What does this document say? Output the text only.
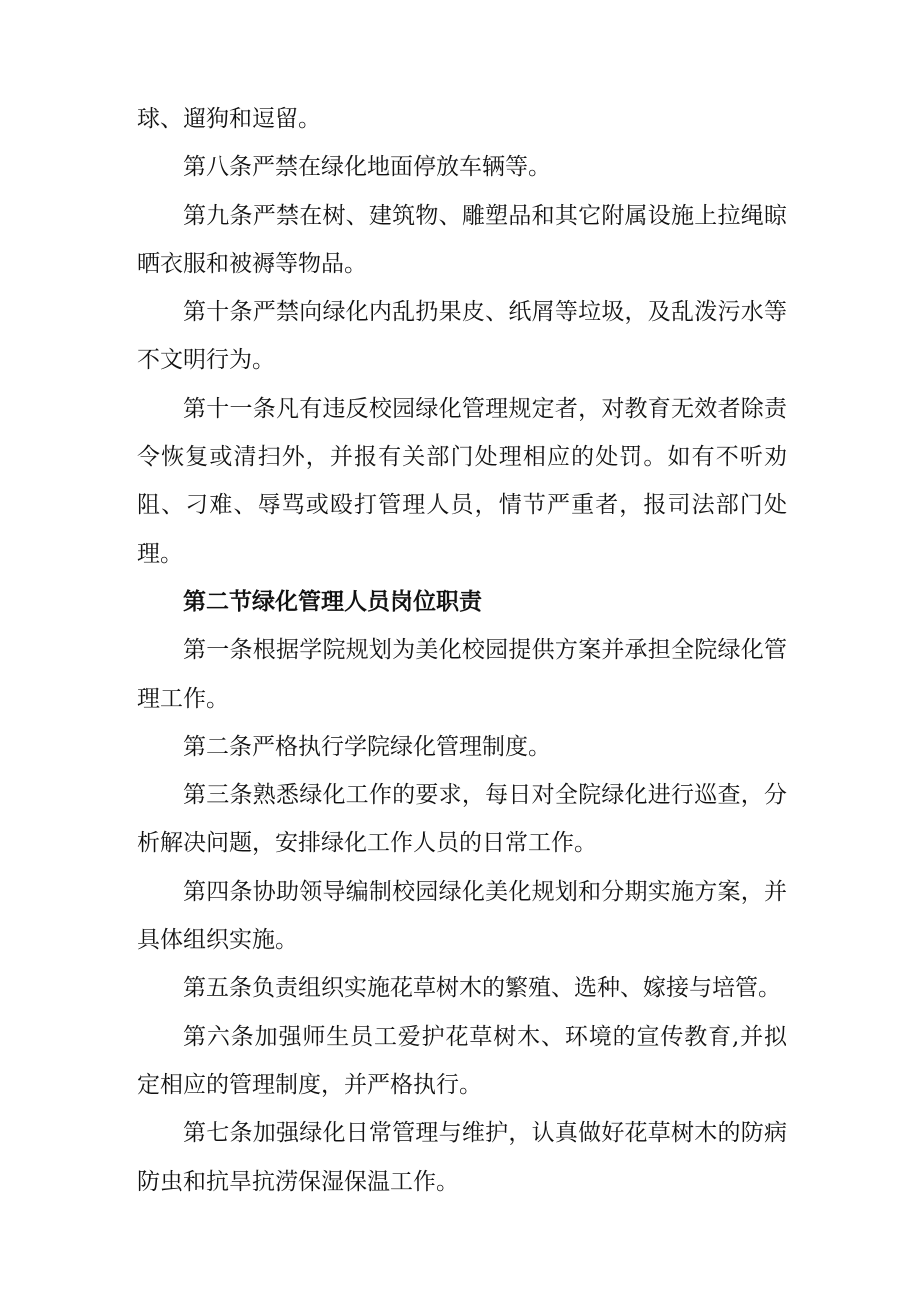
球、遛狗和逗留。

第八条严禁在绿化地面停放车辆等。

第九条严禁在树、建筑物、雕塑品和其它附属设施上拉绳晾晒衣服和被褥等物品。

第十条严禁向绿化内乱扔果皮、纸屑等垃圾，及乱泼污水等不文明行为。

第十一条凡有违反校园绿化管理规定者，对教育无效者除责令恢复或清扫外，并报有关部门处理相应的处罚。如有不听劝阻、刁难、辱骂或殴打管理人员，情节严重者，报司法部门处理。

第二节绿化管理人员岗位职责

第一条根据学院规划为美化校园提供方案并承担全院绿化管理工作。

第二条严格执行学院绿化管理制度。

第三条熟悉绿化工作的要求，每日对全院绿化进行巡查，分析解决问题，安排绿化工作人员的日常工作。

第四条协助领导编制校园绿化美化规划和分期实施方案，并具体组织实施。

第五条负责组织实施花草树木的繁殖、选种、嫁接与培管。

第六条加强师生员工爱护花草树木、环境的宣传教育,并拟定相应的管理制度，并严格执行。

第七条加强绿化日常管理与维护，认真做好花草树木的防病防虫和抗旱抗涝保湿保温工作。
